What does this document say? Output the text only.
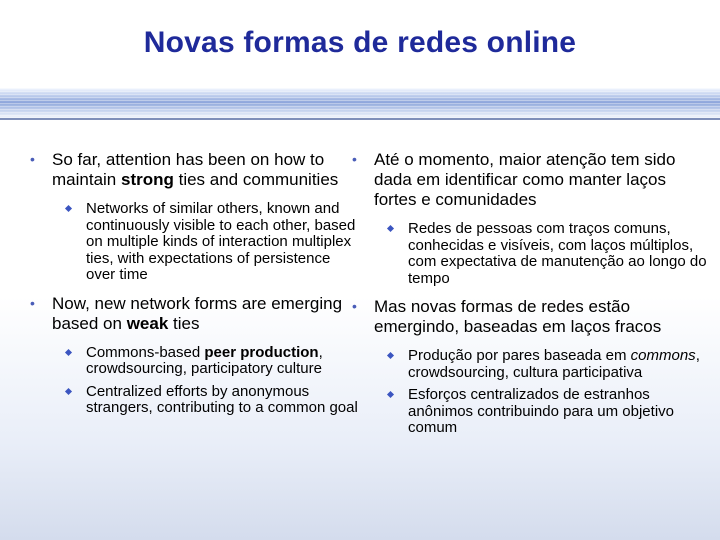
Novas formas de redes online
• So far, attention has been on how to maintain strong ties and communities
Networks of similar others, known and continuously visible to each other, based on multiple kinds of interaction multiplex ties, with expectations of persistence over time
• Now, new network forms are emerging based on weak ties
Commons-based peer production, crowdsourcing, participatory culture
Centralized efforts by anonymous strangers, contributing to a common goal
• Até o momento, maior atenção tem sido dada em identificar como manter laços fortes e comunidades
Redes de pessoas com traços comuns, conhecidas e visíveis, com laços múltiplos, com expectativa de manutenção ao longo do tempo
• Mas novas formas de redes estão emergindo, baseadas em laços fracos
Produção por pares baseada em commons, crowdsourcing, cultura participativa
Esforços centralizados de estranhos anônimos contribuindo para um objetivo comum
